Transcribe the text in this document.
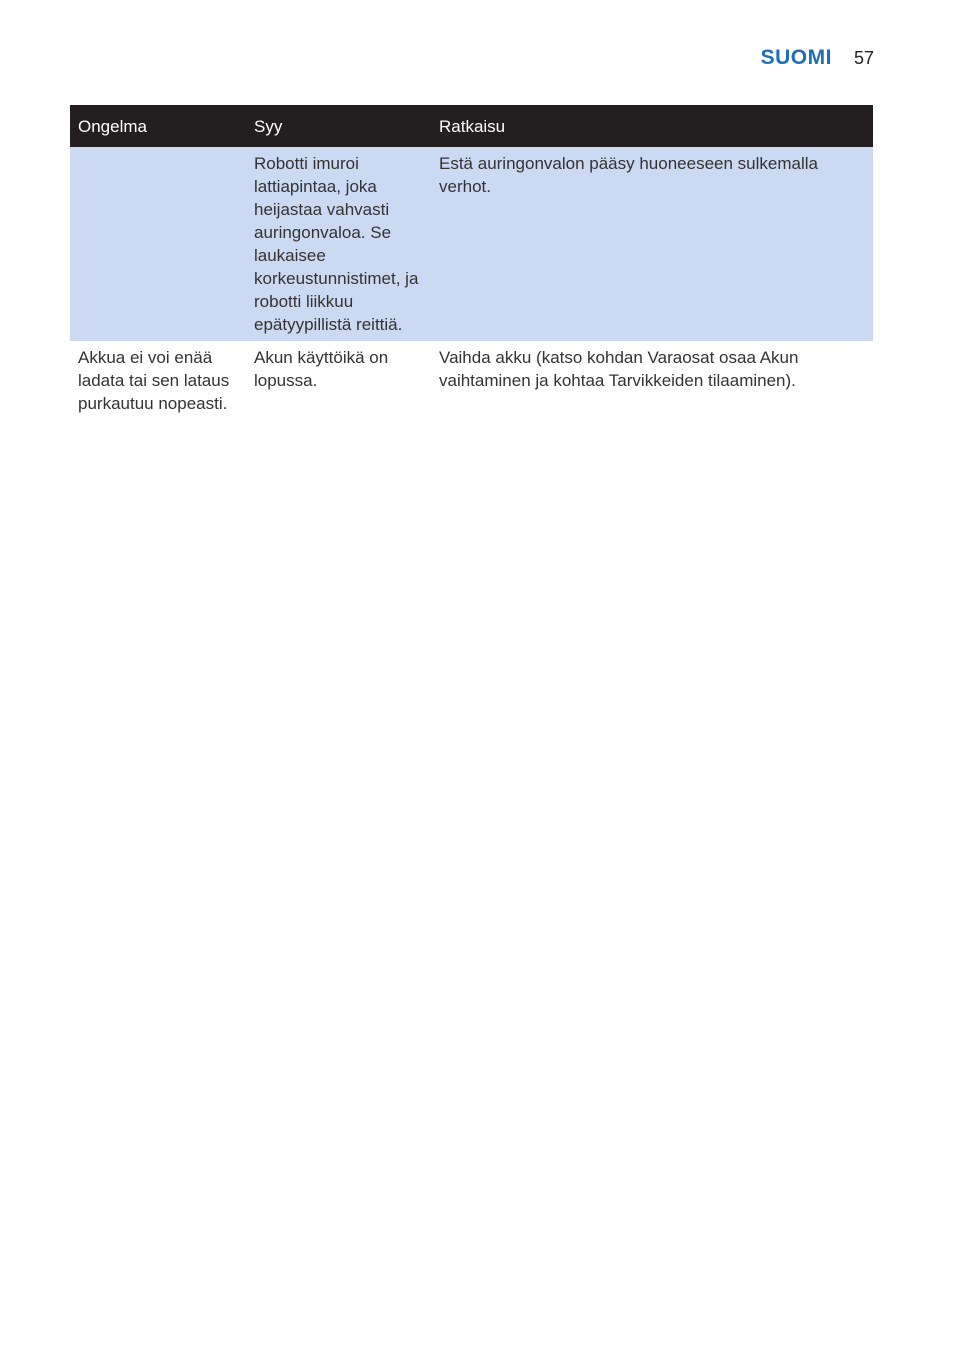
SUOMI 57
Ongelma	Syy	Ratkaisu
	Robotti imuroi lattiapintaa, joka heijastaa vahvasti auringonvaloa. Se laukaisee korkeustunnistimet, ja robotti liikkuu epätyypillistä reittiä.	Estä auringonvalon pääsy huoneeseen sulkemalla verhot.
Akkua ei voi enää ladata tai sen lataus purkautuu nopeasti.	Akun käyttöikä on lopussa.	Vaihda akku (katso kohdan Varaosat osaa Akun vaihtaminen ja kohtaa Tarvikkeiden tilaaminen).
